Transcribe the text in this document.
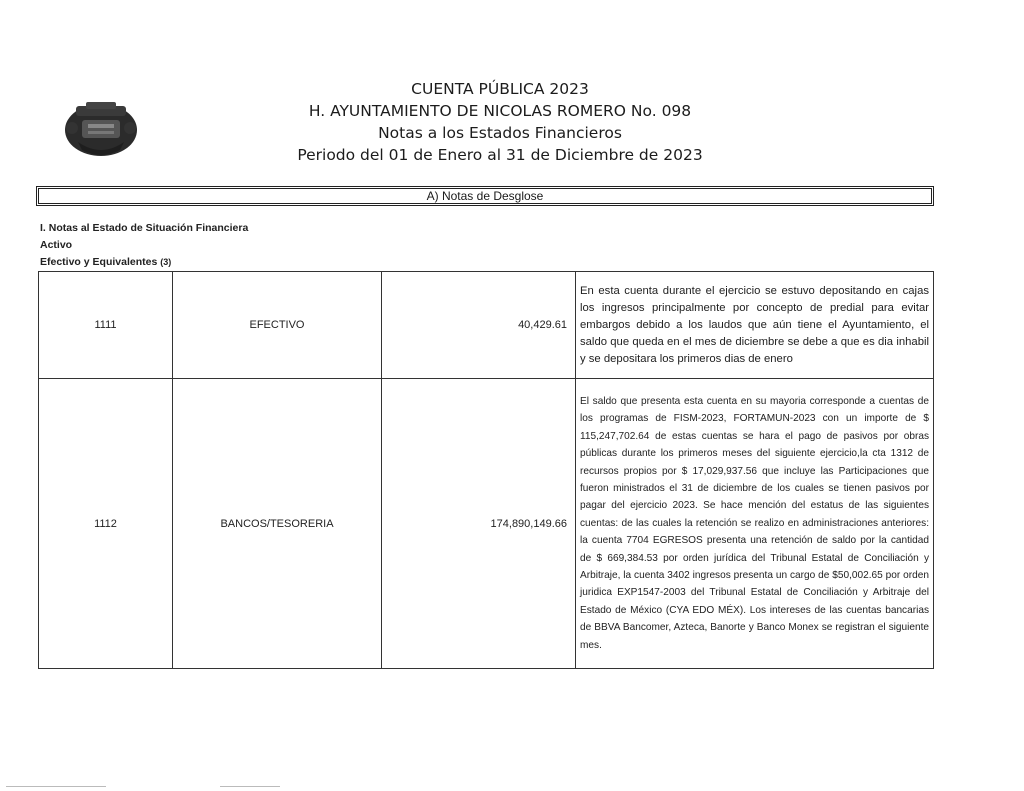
CUENTA PÚBLICA 2023
H. AYUNTAMIENTO DE NICOLAS ROMERO No. 098
Notas a los Estados Financieros
Periodo del 01 de Enero al 31 de Diciembre de 2023
A) Notas de Desglose
I. Notas al Estado de Situación Financiera
Activo
Efectivo y Equivalentes (3)
1111	EFECTIVO	40,429.61	En esta cuenta durante el ejercicio se estuvo depositando en cajas los ingresos principalmente por concepto de predial para evitar embargos debido a los laudos que aún tiene el Ayuntamiento, el saldo que queda en el mes de diciembre se debe a que es dia inhabil y se depositara los primeros dias de enero
1112	BANCOS/TESORERIA	174,890,149.66	El saldo que presenta esta cuenta en su mayoria corresponde a cuentas de los programas de FISM-2023, FORTAMUN-2023 con un importe de $ 115,247,702.64 de estas cuentas se hara el pago de pasivos por obras públicas durante los primeros meses del siguiente ejercicio,la cta 1312 de recursos propios por $ 17,029,937.56 que incluye las Participaciones que fueron ministrados el 31 de diciembre de los cuales se tienen pasivos por pagar del ejercicio 2023. Se hace mención del estatus de las siguientes cuentas: de las cuales la retención se realizo en administraciones anteriores: la cuenta 7704 EGRESOS presenta una retención de saldo por la cantidad de $ 669,384.53 por orden jurídica del Tribunal Estatal de Conciliación y Arbitraje, la cuenta 3402 ingresos presenta un cargo de $50,002.65 por orden juridica EXP1547-2003 del Tribunal Estatal de Conciliación y Arbitraje del Estado de México (CYA EDO MÉX). Los intereses de las cuentas bancarias de BBVA Bancomer, Azteca, Banorte y Banco Monex se registran el siguiente mes.
